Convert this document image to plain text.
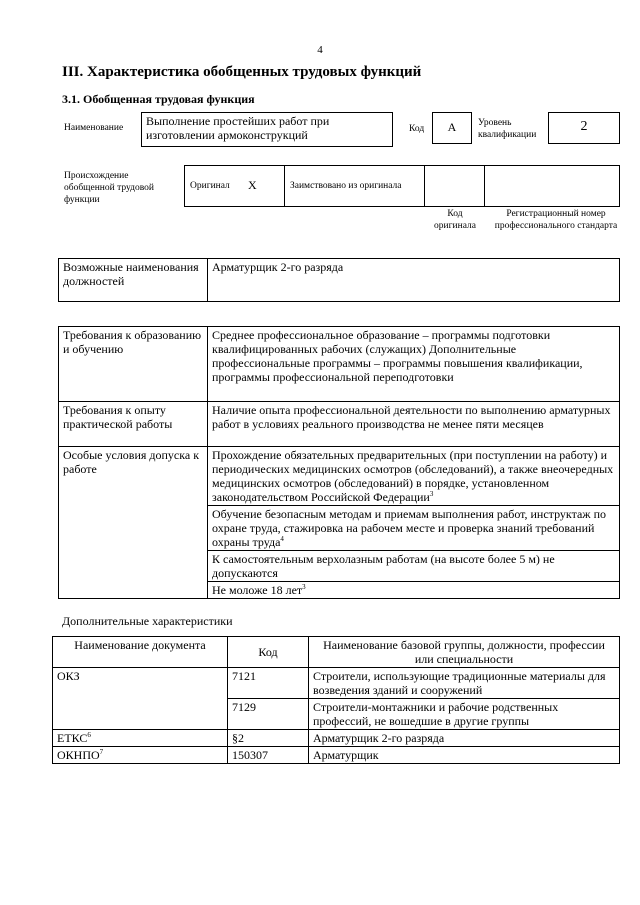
4
III. Характеристика обобщенных трудовых функций
3.1. Обобщенная трудовая функция
Наименование	Выполнение простейших работ при изготовлении армоконструкций	Код	А	Уровень квалификации
2
Происхождение обобщенной трудовой функции
Оригинал X	Заимствовано из оригинала
Код оригинала
Регистрационный номер профессионального стандарта
Возможные наименования должностей	Арматурщик 2-го разряда
Требования к образованию и обучению	Среднее профессиональное образование – программы подготовки квалифицированных рабочих (служащих) Дополнительные профессиональные программы – программы повышения квалификации, программы профессиональной переподготовки
Требования к опыту практической работы	Наличие опыта профессиональной деятельности по выполнению арматурных работ в условиях реального производства не менее пяти месяцев
Особые условия допуска к работе	Прохождение обязательных предварительных (при поступлении на работу) и периодических медицинских осмотров (обследований), а также внеочередных медицинских осмотров (обследований) в порядке, установленном законодательством Российской Федерации$^3$
	Обучение безопасным методам и приемам выполнения работ, инструктаж по охране труда, стажировка на рабочем месте и проверка знаний требований охраны труда$^4$
	К самостоятельным верхолазным работам (на высоте более 5 м) не допускаются
	Не моложе 18 лет$^3$
Дополнительные характеристики
Наименование документа	Код	Наименование базовой группы, должности, профессии или специальности
ОКЗ	7121	Строители, использующие традиционные материалы для возведения зданий и сооружений
	7129	Строители-монтажники и рабочие родственных профессий, не вошедшие в другие группы
ЕТКС$^6$	§2	Арматурщик 2-го разряда
ОКНПО$^7$	150307	Арматурщик
